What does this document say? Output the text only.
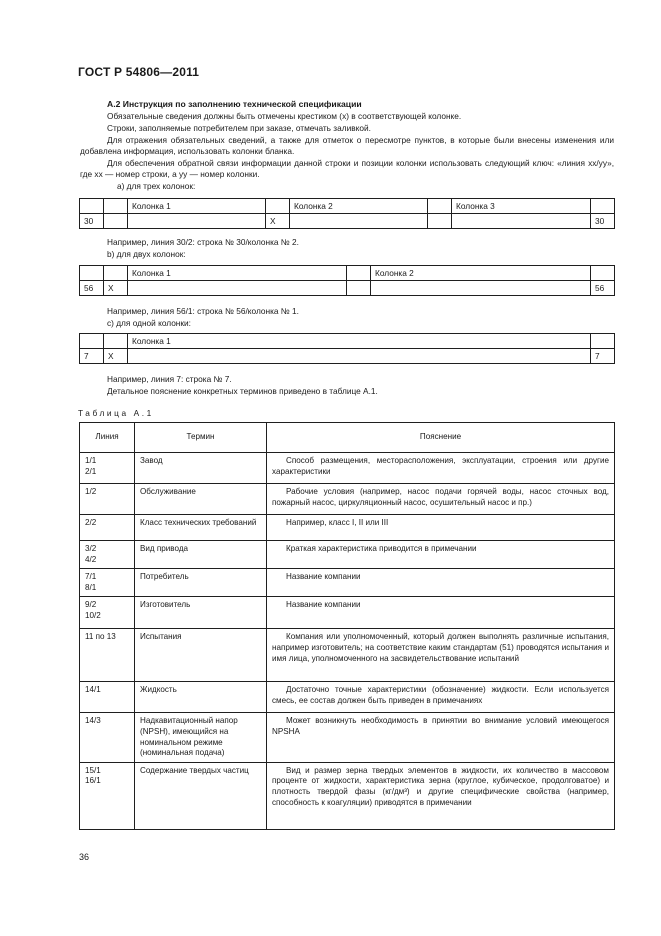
ГОСТ Р 54806—2011
A.2 Инструкция по заполнению технической спецификации
Обязательные сведения должны быть отмечены крестиком (х) в соответствующей колонке.
Строки, заполняемые потребителем при заказе, отмечать заливкой.
Для отражения обязательных сведений, а также для отметок о пересмотре пунктов, в которые были внесены изменения или добавлена информация, использовать колонки бланка.
Для обеспечения обратной связи информации данной строки и позиции колонки использовать следующий ключ: «линия хх/уу», где хх — номер строки, а уу — номер колонки.
а) для трех колонок:
		Колонка 1		Колонка 2		Колонка 3	
30			X				30
Например, линия 30/2: строка № 30/колонка № 2.
b) для двух колонок:
		Колонка 1		Колонка 2	
56	X				56
Например, линия 56/1: строка № 56/колонка № 1.
с) для одной колонки:
		Колонка 1	
7	X		7
Например, линия 7: строка № 7.
Детальное пояснение конкретных терминов приведено в таблице А.1.
Таблица А.1
Линия	Термин	Пояснение
1/1
2/1	Завод	Способ размещения, месторасположения, эксплуатации, строения или другие характеристики
1/2	Обслуживание	Рабочие условия (например, насос подачи горячей воды, насос сточных вод, пожарный насос, циркуляционный насос, осушительный насос и пр.)
2/2	Класс технических требований	Например, класс I, II или III
3/2
4/2	Вид привода	Краткая характеристика приводится в примечании
7/1
8/1	Потребитель	Название компании
9/2
10/2	Изготовитель	Название компании
11 по 13	Испытания	Компания или уполномоченный, который должен выполнять различные испытания, например изготовитель; на соответствие каким стандартам (51) проводятся испытания и имя лица, уполномоченного на засвидетельствование испытаний
14/1	Жидкость	Достаточно точные характеристики (обозначение) жидкости. Если используется смесь, ее состав должен быть приведен в примечаниях
14/3	Надкавитационный напор (NPSH), имеющийся на номинальном режиме (номинальная подача)	Может возникнуть необходимость в принятии во внимание условий имеющегося NPSHA
15/1
16/1	Содержание твердых частиц	Вид и размер зерна твердых элементов в жидкости, их количество в массовом проценте от жидкости, характеристика зерна (круглое, кубическое, продолговатое) и плотность твердой фазы (кг/дм³) и другие специфические свойства (например, способность к коагуляции) приводятся в примечании
36
